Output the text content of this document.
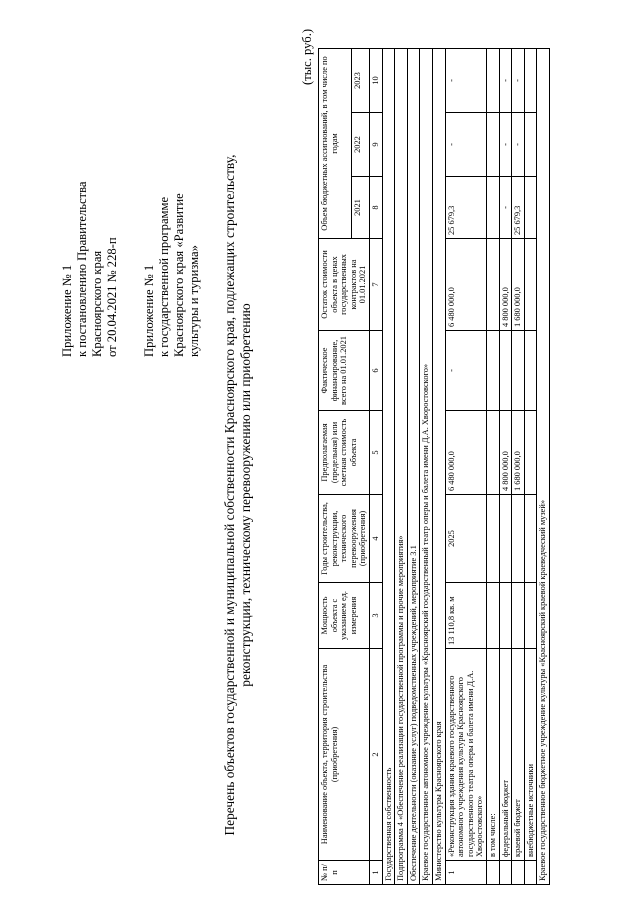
Приложение № 1 к постановлению Правительства Красноярского края от 20.04.2021 № 228-п Приложение № 1 к государственной программе Красноярского края «Развитие культуры и туризма» Перечень объектов государственной и муниципальной собственности Красноярского края, подлежащих строительству, реконструкции, техническому перевооружению или приобретению
(тыс. руб.)
№ п/п	Наименование объекта, территория строительства (приобретения)	Мощность объекта с указанием ед. измерения	Годы строительства, реконструкции, технического перевооружения (приобретения)	Предполагаемая (предельная) или сметная стоимость объекта	Фактическое финансирование, всего на 01.01.2021	Остаток стоимости объекта в ценах государственных контрактов на 01.01.2021	Объем бюджетных ассигнований, в том числе по годам		
							2021	2022	2023
1	2	3	4	5	6	7	8	9	10
Государственная собственность									
Подпрограмма 4 «Обеспечение реализации государственной программы и прочие мероприятия»									
Обеспечение деятельности (оказание услуг) подведомственных учреждений, мероприятие 3.1									
Краевое государственное автономное учреждение культуры «Красноярский государственный театр оперы и балета имени Д.А. Хворостовского»									
Министерство культуры Красноярского края									
1	«Реконструкция здания краевого государственного автономного учреждения культуры Красноярского государственного театра оперы и балета имени Д.А. Хворостовского»	13 110,8 кв. м	2025	6 480 000,0	-	6 480 000,0	25 679,3	-	-
	в том числе:								
	федеральный бюджет			4 800 000,0		4 800 000,0	-	-	-
	краевой бюджет			1 680 000,0		1 680 000,0	25 679,3	-	-
	внебюджетные источники								
Краевое государственное бюджетное учреждение культуры «Красноярский краевой краеведческий музей»									
